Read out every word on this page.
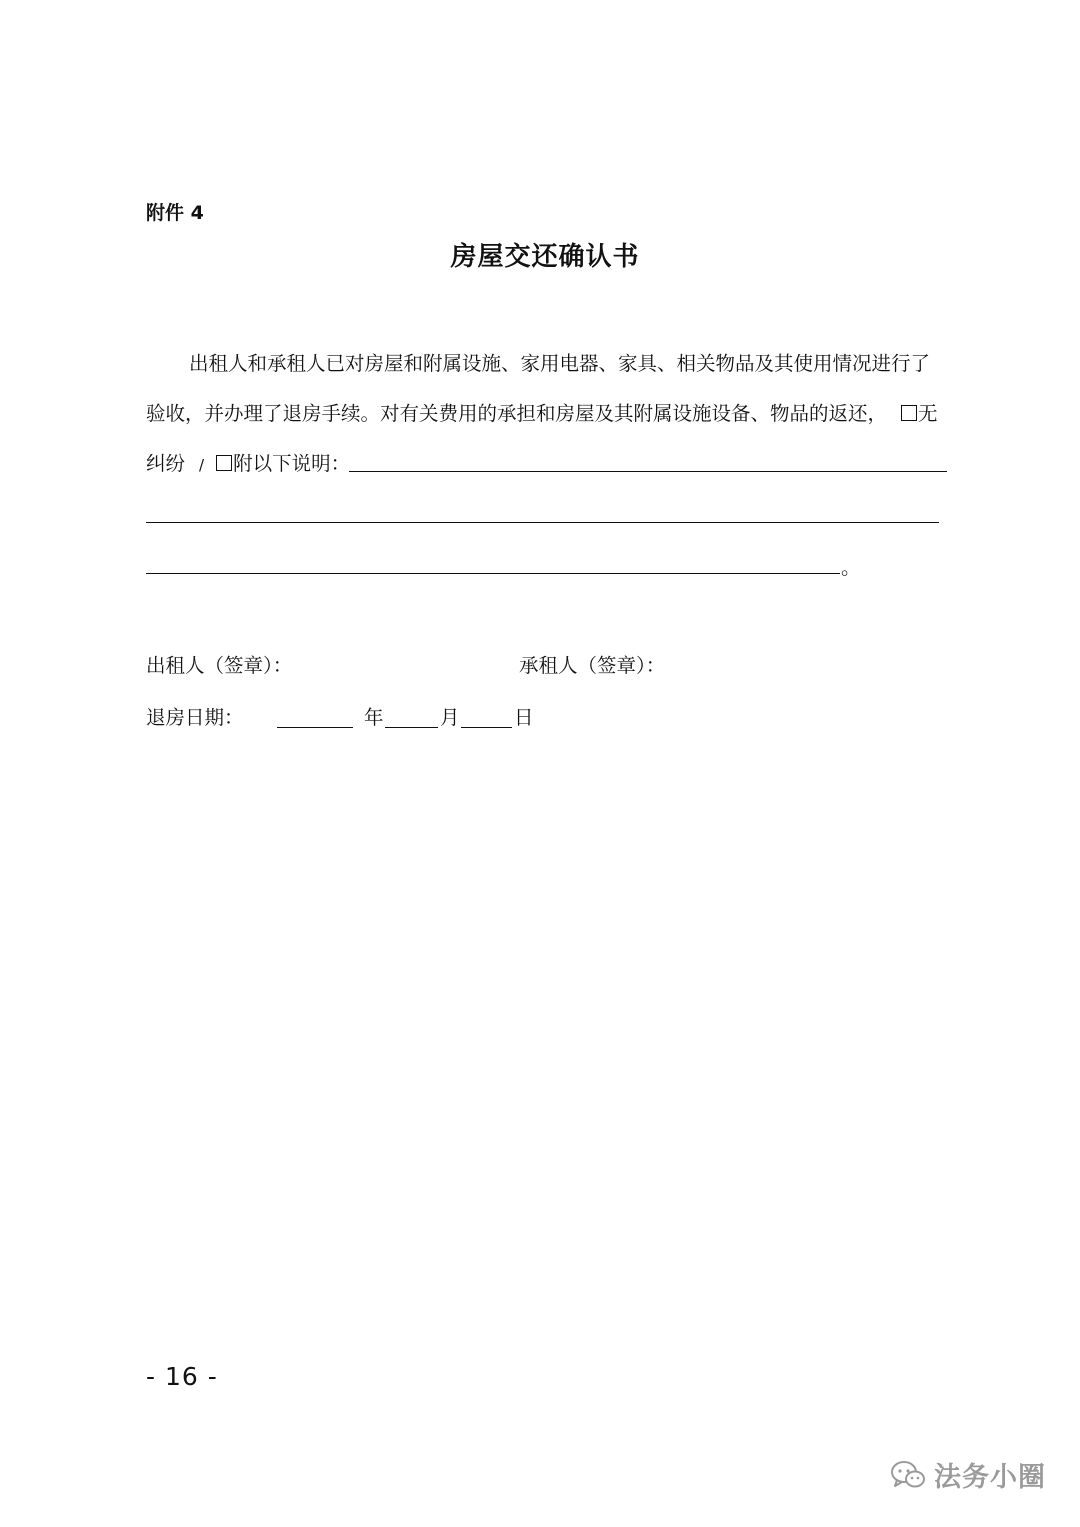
附件 4
房屋交还确认书
出租人和承租人已对房屋和附属设施、家用电器、家具、相关物品及其使用情况进行了
验收，并办理了退房手续。对有关费用的承担和房屋及其附属设施设备、物品的返还， 无
纠纷 / 附以下说明：
。
出租人（签章）：	承租人（签章）：
退房日期：	年	月	日
- 16 -
法务小圈
